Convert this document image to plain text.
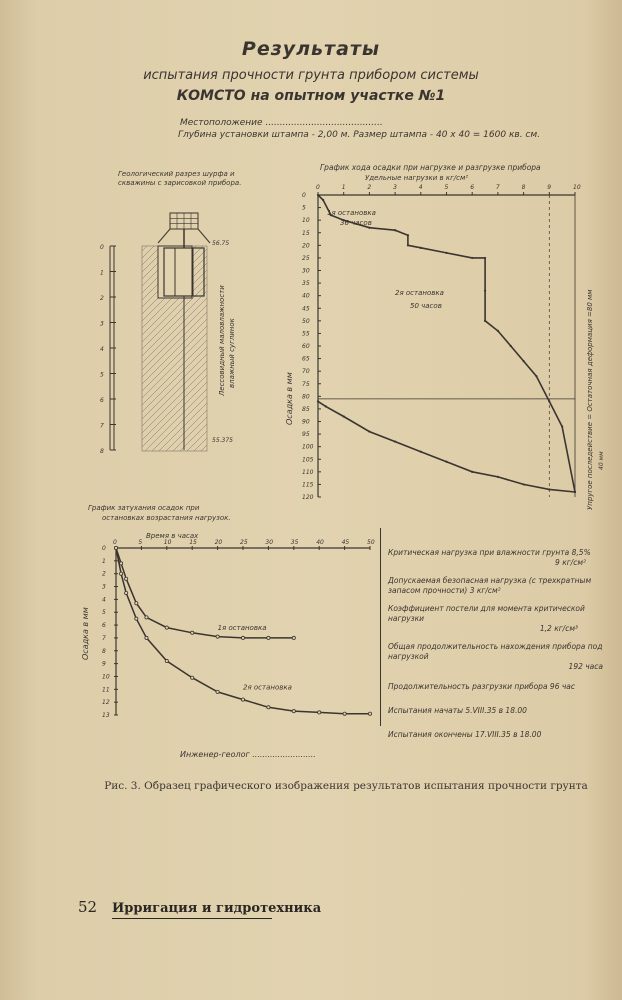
Результаты
испытания прочности грунта прибором системы
КОМСТО на опытном участке №1
Местоположение .........................................
Глубина установки штампа - 2,00 м. Размер штампа - 40 x 40 = 1600 кв. см.
Геологический разрез шурфа и
скважины с зарисовкой прибора.
0
1
2
3
4
5
6
7
8
56.75
55.375
Лессовидный маловлажности влажный суглинок
График хода осадки при нагрузке и разгрузке прибора
Удельные нагрузки в кг/см²
0	1	2	3	4	5	6	7	8	9	10
0
5
10
15
20
25
30
35
40
45
50
55
60
65
70
75
80
85
90
95
100
105
110
115
120
Осадка в мм
1я остановка
36 часов
2я остановка
50 часов	Упругое последействие = Остаточная деформация =80 мм 40 мм
График затухания осадок при
остановках возрастания нагрузок.
Время в часах
0	5	10	15	20	25	30	35	40	45	50
0
1
2
3
4
5
6
7
8
9
10
11
12
13
1я остановка
2я остановка
Осадка в мм
Критическая нагрузка при влажности грунта 8,5%
9 кг/см²
Допускаемая безопасная нагрузка (с трехкратным запасом прочности) 3 кг/см²
Коэффициент постели для момента критической нагрузки
1,2 кг/см³
Общая продолжительность нахождения прибора под нагрузкой
192 часа
Продолжительность разгрузки прибора 96 час
Испытания начаты 5.VIII.35 в 18.00
Испытания окончены 17.VIII.35 в 18.00
Инженер-геолог .........................
Рис. 3. Образец графического изображения результатов испытания прочности грунта
52 Ирригация и гидротехника
